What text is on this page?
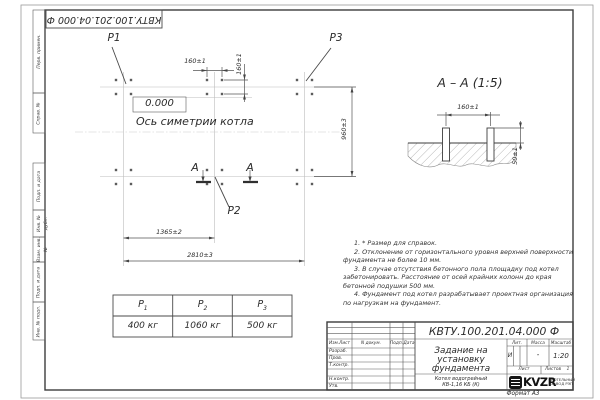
КВТУ.100.201.04.000 Ф
Перв. примен.
Справ. №
Подп. и дата
Инв. № дубл.
Взам. инв. №
Подп. и дата
Инв. № подл.
P1	P3
P2
0.000
Ось симетрии котла
А	А
160±1	160±1
960±3
1365±2
2810±3
А – А (1:5)
160±1
50±1

1. * Размер для справок.

2. Отклонение от горизонтального уровня верхней поверхности фундамента не более 10 мм.

3. В случае отсутствия бетонного пола площадку под котел забетонировать. Расстояние от осей крайних колонн до края бетонной подушки 500 мм.

4. Фундамент под котел разрабатывает проектная организация по нагрузкам на фундамент.

$P_1$	$P_2$	$P_3$
400 кг	1060 кг	500 кг	КВТУ.100.201.04.000 Ф
Изм.Лист	N докум.	Подп. Дата
Разраб.
Пров.
Т.контр.
Н.контр.
Утв.
Задание на
установку
фундамента
Котел водогрейный
КВ-1,16 КБ (К)
Лит.	Масса	Масштаб
И	-	1:20
Лист	Листов	1
KVZR
КОТЕЛЬНЫЙ
ЗАВОД РЭП
Формат А3
